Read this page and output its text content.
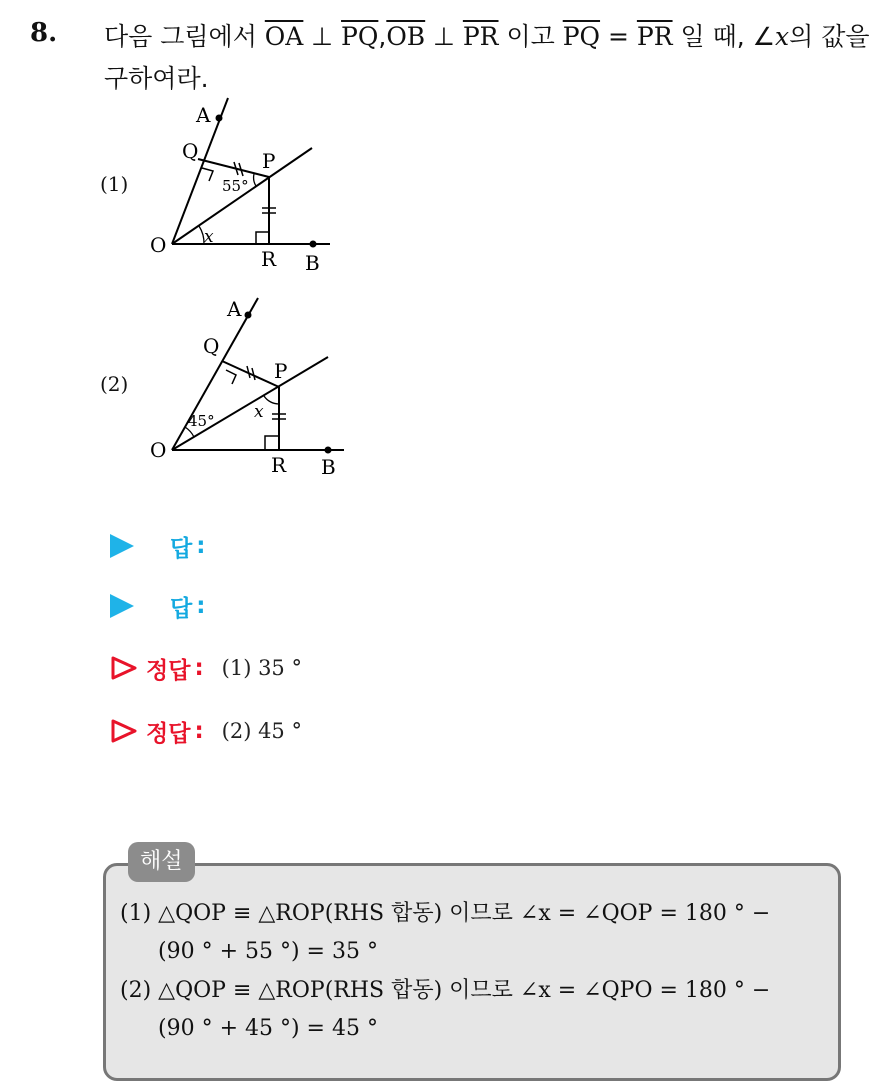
8. 다음 그림에서 $\overline{OA}$ ⊥ $\overline{PQ},\overline{OB}$ ⊥ $\overline{PR}$ 이고 $\overline{PQ} = \overline{PR}$ 일 때, ∠x의 값을 구하여라.
(1)
A
Q	P
O
R B
55°
x
(2)
A
Q
P
O
R B
45° x
답 :
답 :
정답 : (1) 35 °
정답 : (2) 45 °
해설
(1) △QOP ≡ △ROP(RHS 합동) 이므로 ∠x = ∠QOP = 180 ° −
(90 ° + 55 °) = 35 °
(2) △QOP ≡ △ROP(RHS 합동) 이므로 ∠x = ∠QPO = 180 ° −
(90 ° + 45 °) = 45 °
